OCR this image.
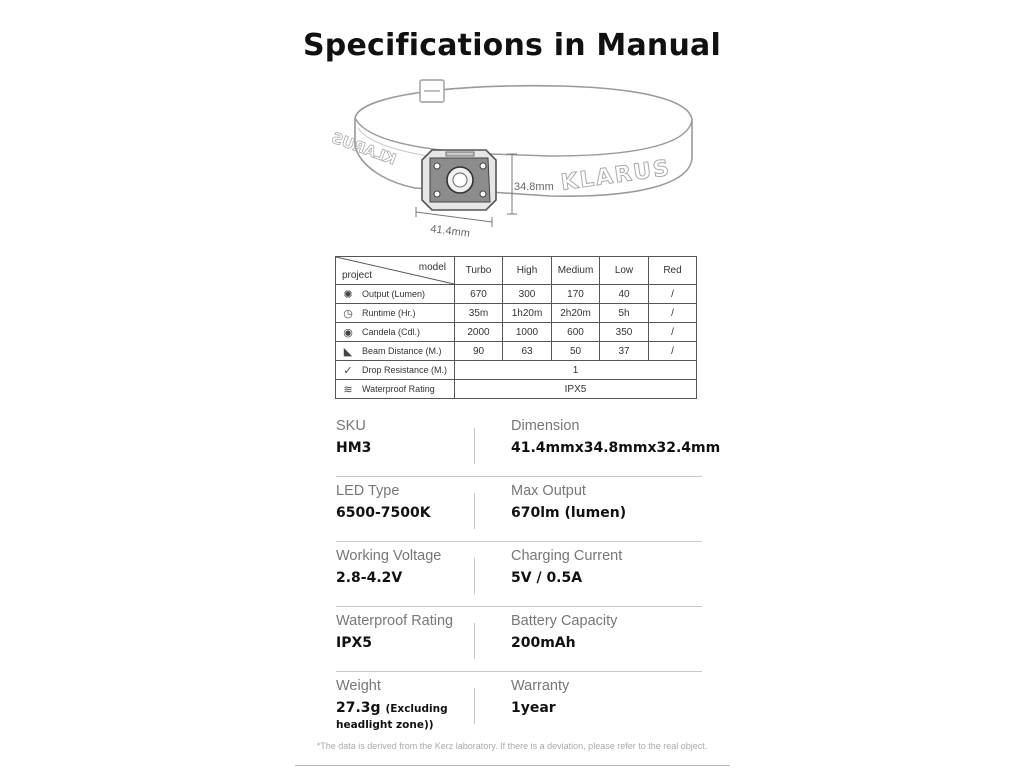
Specifications in Manual
KLARUS
KLARUS
34.8mm
41.4mm
model
project	Turbo	High	Medium	Low	Red
✺ Output (Lumen)	670	300	170	40	/
◷ Runtime (Hr.)	35m	1h20m	2h20m	5h	/
◉ Candela (Cdl.)	2000	1000	600	350	/
◣ Beam Distance (M.)	90	63	50	37	/
✓ Drop Resistance (M.)	1				
≋ Waterproof Rating	IPX5				
SKU
HM3
Dimension
41.4mmx34.8mmx32.4mm
LED Type
6500-7500K
Max Output
670lm (lumen)
Working Voltage
2.8-4.2V
Charging Current
5V / 0.5A
Waterproof Rating
IPX5
Battery Capacity
200mAh
Weight
27.3g (Excluding
headlight zone))
Warranty
1year
*The data is derived from the Kerz laboratory. If there is a deviation, please refer to the real object.
